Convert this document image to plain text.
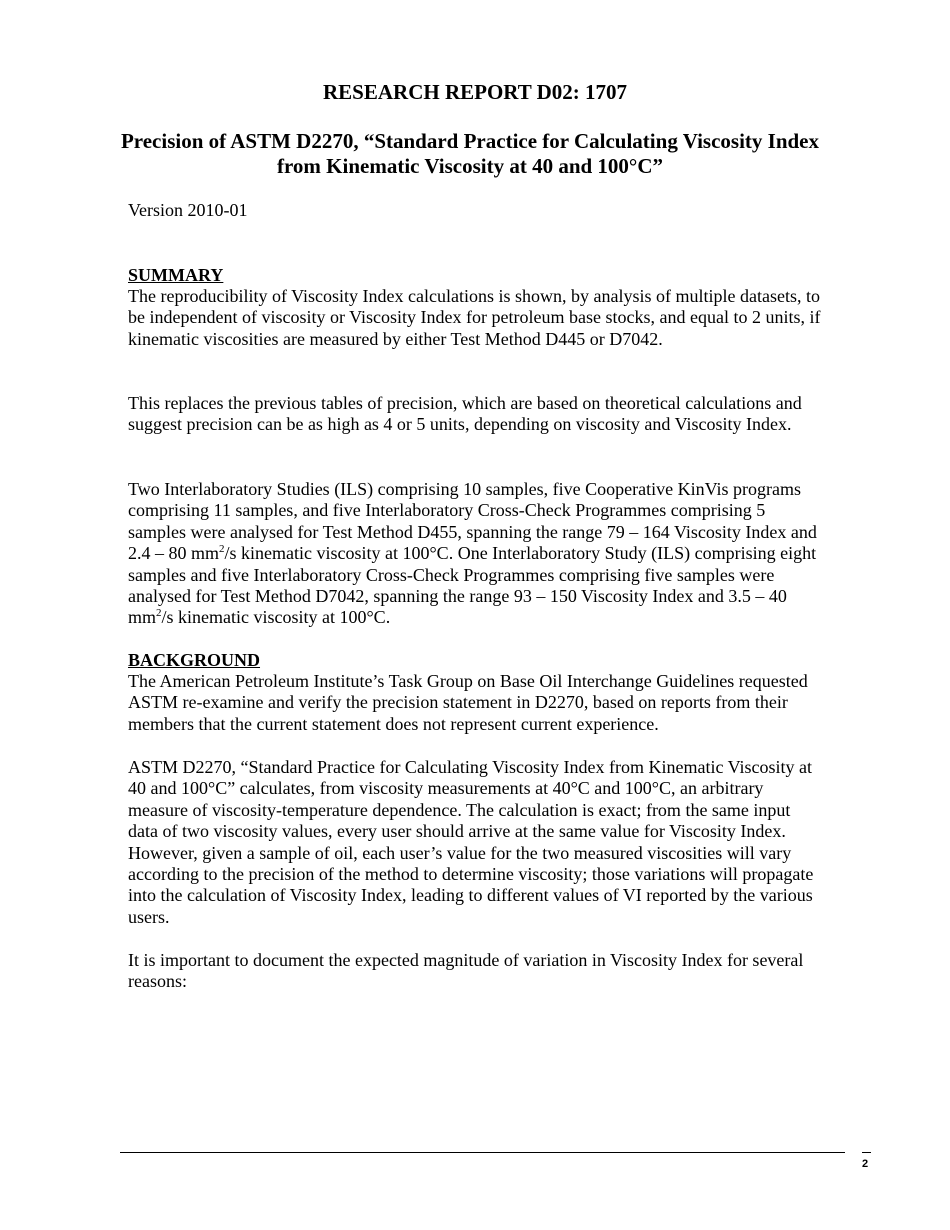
RESEARCH REPORT D02: 1707
Precision of ASTM D2270, “Standard Practice for Calculating Viscosity Index from Kinematic Viscosity at 40 and 100°C”

Version 2010-01

SUMMARY

The reproducibility of Viscosity Index calculations is shown, by analysis of multiple datasets, to be independent of viscosity or Viscosity Index for petroleum base stocks, and equal to 2 units, if kinematic viscosities are measured by either Test Method D445 or D7042.

This replaces the previous tables of precision, which are based on theoretical calculations and suggest precision can be as high as 4 or 5 units, depending on viscosity and Viscosity Index.

Two Interlaboratory Studies (ILS) comprising 10 samples, five Cooperative KinVis programs comprising 11 samples, and five Interlaboratory Cross-Check Programmes comprising 5 samples were analysed for Test Method D455, spanning the range 79 – 164 Viscosity Index and 2.4 – 80 $mm^2/s$ kinematic viscosity at 100°C. One Interlaboratory Study (ILS) comprising eight samples and five Interlaboratory Cross-Check Programmes comprising five samples were analysed for Test Method D7042, spanning the range 93 – 150 Viscosity Index and 3.5 – 40 $mm^2/s$ kinematic viscosity at 100°C.

BACKGROUND

The American Petroleum Institute’s Task Group on Base Oil Interchange Guidelines requested ASTM re-examine and verify the precision statement in D2270, based on reports from their members that the current statement does not represent current experience.

ASTM D2270, “Standard Practice for Calculating Viscosity Index from Kinematic Viscosity at 40 and 100°C” calculates, from viscosity measurements at 40°C and 100°C, an arbitrary measure of viscosity-temperature dependence. The calculation is exact; from the same input data of two viscosity values, every user should arrive at the same value for Viscosity Index. However, given a sample of oil, each user’s value for the two measured viscosities will vary according to the precision of the method to determine viscosity; those variations will propagate into the calculation of Viscosity Index, leading to different values of VI reported by the various users.

It is important to document the expected magnitude of variation in Viscosity Index for several reasons:

2
